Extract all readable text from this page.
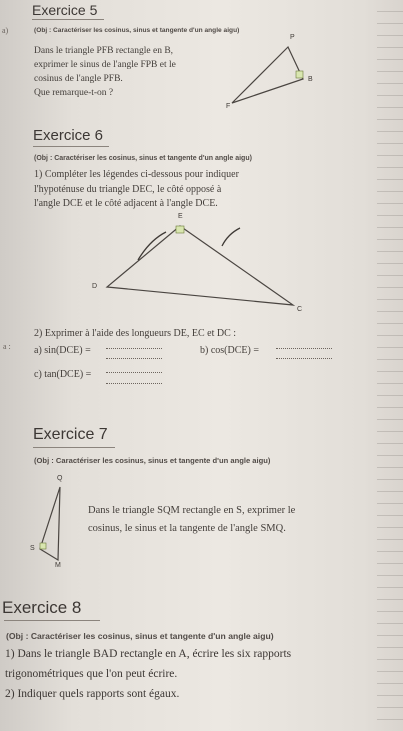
Exercice 5
a)	(Obj : Caractériser les cosinus, sinus et tangente d'un angle aigu)
Dans le triangle PFB rectangle en B,
exprimer le sinus de l'angle FPB et le
cosinus de l'angle PFB.
Que remarque-t-on ?
P
B
F
Exercice 6
(Obj : Caractériser les cosinus, sinus et tangente d'un angle aigu)
1) Compléter les légendes ci-dessous pour indiquer
l'hypoténuse du triangle DEC, le côté opposé à
l'angle DCE et le côté adjacent à l'angle DCE.
E
D
C
2) Exprimer à l'aide des longueurs DE, EC et DC :
a : a) sin(DCE) =	b) cos(DCE) =
c) tan(DCE) =
Exercice 7
(Obj : Caractériser les cosinus, sinus et tangente d'un angle aigu)
Dans le triangle SQM rectangle en S, exprimer le
cosinus, le sinus et la tangente de l'angle SMQ.
Q
S
M
Exercice 8
(Obj : Caractériser les cosinus, sinus et tangente d'un angle aigu)
1) Dans le triangle BAD rectangle en A, écrire les six rapports
trigonométriques que l'on peut écrire.
2) Indiquer quels rapports sont égaux.
